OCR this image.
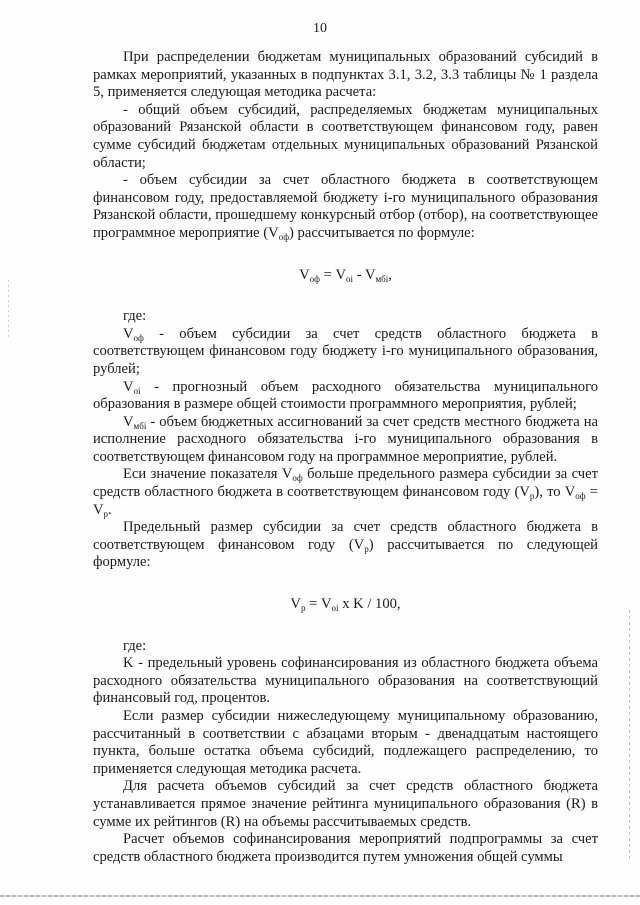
10

При распределении бюджетам муниципальных образований субсидий в рамках мероприятий, указанных в подпунктах 3.1, 3.2, 3.3 таблицы № 1 раздела 5, применяется следующая методика расчета:

- общий объем субсидий, распределяемых бюджетам муниципальных образований Рязанской области в соответствующем финансовом году, равен сумме субсидий бюджетам отдельных муниципальных образований Рязанской области;

- объем субсидии за счет областного бюджета в соответствующем финансовом году, предоставляемой бюджету i-го муниципального образования Рязанской области, прошедшему конкурсный отбор (отбор), на соответствующее программное мероприятие $(V_{оф})$ рассчитывается по формуле:

$V_{оф} = V_{oi} - V_{мбi}$,

где:

$V_{оф}$ - объем субсидии за счет средств областного бюджета в соответствующем финансовом году бюджету i-го муниципального образования, рублей;

$V_{оi}$ - прогнозный объем расходного обязательства муниципального образования в размере общей стоимости программного мероприятия, рублей;

$V_{мбi}$ - объем бюджетных ассигнований за счет средств местного бюджета на исполнение расходного обязательства i-го муниципального образования в соответствующем финансовом году на программное мероприятие, рублей.

Еси значение показателя $V_{оф}$ больше предельного размера субсидии за счет средств областного бюджета в соответствующем финансовом году $(V_р)$, то $V_{оф} = V_р$.

Предельный размер субсидии за счет средств областного бюджета в соответствующем финансовом году $(V_р)$ рассчитывается по следующей формуле:

$V_р = V_{оi}$ x K / 100,

где:

K - предельный уровень софинансирования из областного бюджета объема расходного обязательства муниципального образования на соответствующий финансовый год, процентов.

Если размер субсидии нижеследующему муниципальному образованию, рассчитанный в соответствии с абзацами вторым - двенадцатым настоящего пункта, больше остатка объема субсидий, подлежащего распределению, то применяется следующая методика расчета.

Для расчета объемов субсидий за счет средств областного бюджета устанавливается прямое значение рейтинга муниципального образования (R) в сумме их рейтингов (R) на объемы рассчитываемых средств.

Расчет объемов софинансирования мероприятий подпрограммы за счет средств областного бюджета производится путем умножения общей суммы
